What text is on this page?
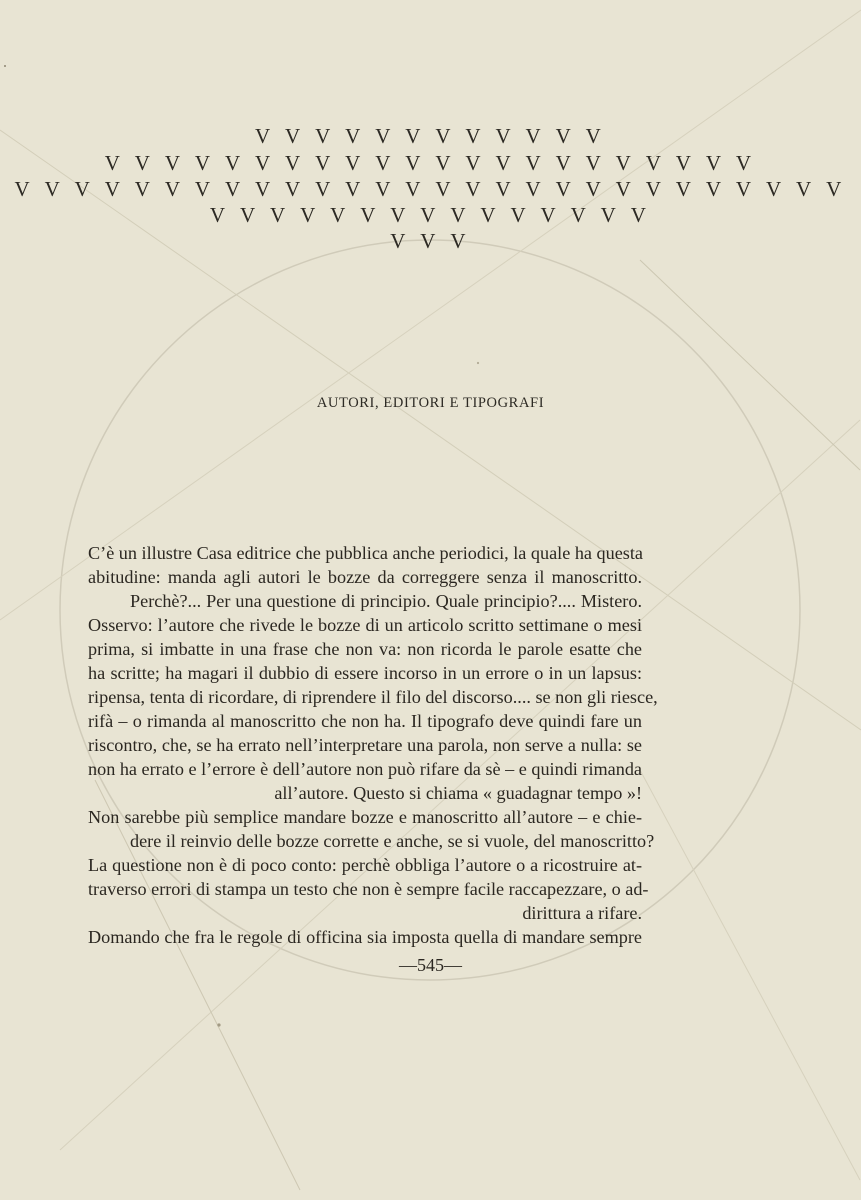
V V V V V V V V V V V V
V V V V V V V V V V V V V V V V V V V V V V
V V V V V V V V V V V V V V V V V V V V V V V V V V V V
V V V V V V V V V V V V V V V
V V V
AUTORI, EDITORI E TIPOGRAFI
C’è un illustre Casa editrice che pubblica anche periodici, la quale ha questa
abitudine: manda agli autori le bozze da correggere senza il manoscritto.
Perchè?... Per una questione di principio. Quale principio?.... Mistero.
Osservo: l’autore che rivede le bozze di un articolo scritto settimane o mesi
prima, si imbatte in una frase che non va: non ricorda le parole esatte che
ha scritte; ha magari il dubbio di essere incorso in un errore o in un lapsus:
ripensa, tenta di ricordare, di riprendere il filo del discorso.... se non gli riesce,
rifà – o rimanda al manoscritto che non ha. Il tipografo deve quindi fare un
riscontro, che, se ha errato nell’interpretare una parola, non serve a nulla: se
non ha errato e l’errore è dell’autore non può rifare da sè – e quindi rimanda
all’autore. Questo si chiama « guadagnar tempo »!
Non sarebbe più semplice mandare bozze e manoscritto all’autore – e chie-
dere il reinvio delle bozze corrette e anche, se si vuole, del manoscritto?
La questione non è di poco conto: perchè obbliga l’autore o a ricostruire at-
traverso errori di stampa un testo che non è sempre facile raccapezzare, o ad-
dirittura a rifare.
Domando che fra le regole di officina sia imposta quella di mandare sempre
—545—
